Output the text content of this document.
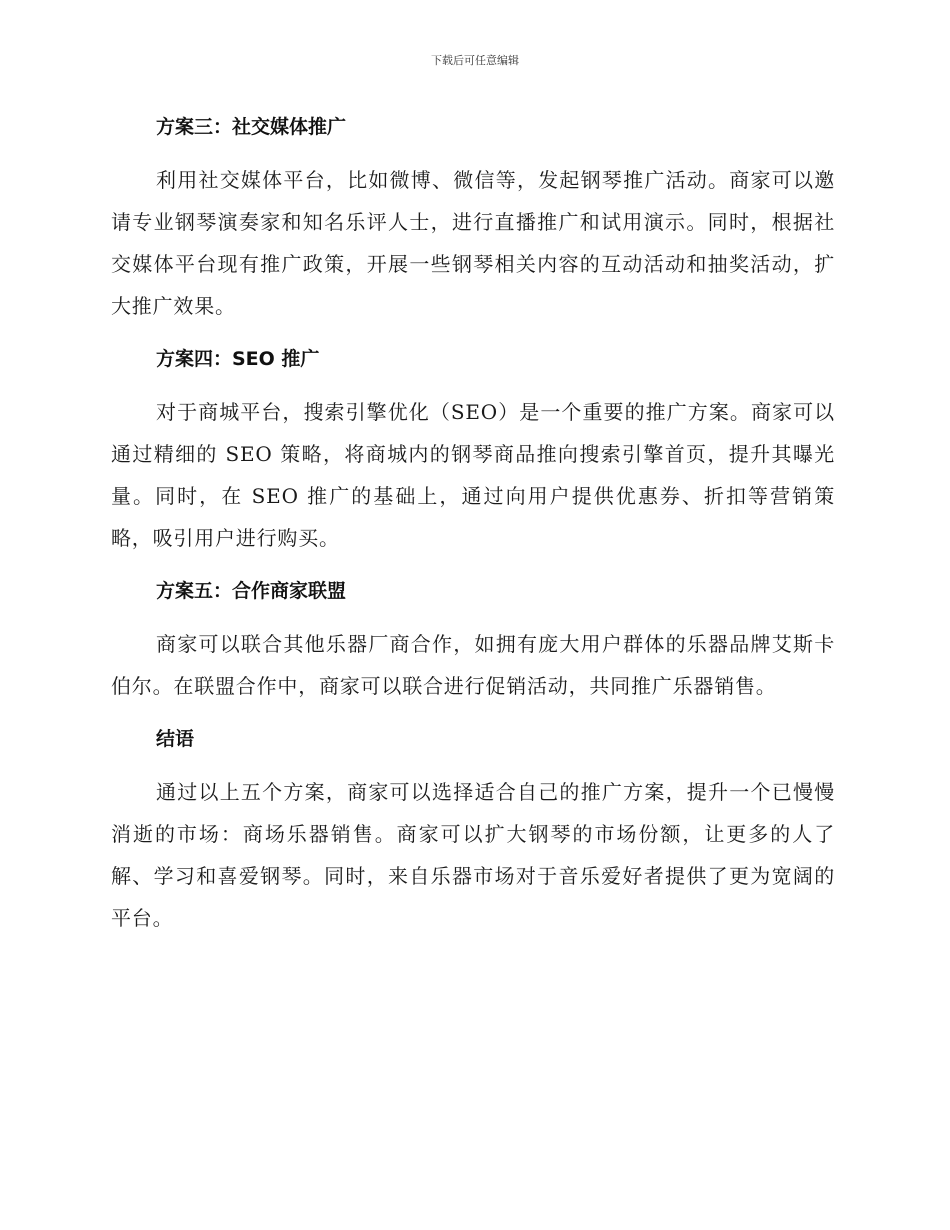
下载后可任意编辑
方案三：社交媒体推广

利用社交媒体平台，比如微博、微信等，发起钢琴推广活动。商家可以邀请专业钢琴演奏家和知名乐评人士，进行直播推广和试用演示。同时，根据社交媒体平台现有推广政策，开展一些钢琴相关内容的互动活动和抽奖活动，扩大推广效果。

方案四：SEO 推广

对于商城平台，搜索引擎优化（SEO）是一个重要的推广方案。商家可以通过精细的 SEO 策略，将商城内的钢琴商品推向搜索引擎首页，提升其曝光量。同时，在 SEO 推广的基础上，通过向用户提供优惠券、折扣等营销策略，吸引用户进行购买。

方案五：合作商家联盟

商家可以联合其他乐器厂商合作，如拥有庞大用户群体的乐器品牌艾斯卡伯尔。在联盟合作中，商家可以联合进行促销活动，共同推广乐器销售。

结语

通过以上五个方案，商家可以选择适合自己的推广方案，提升一个已慢慢消逝的市场：商场乐器销售。商家可以扩大钢琴的市场份额，让更多的人了解、学习和喜爱钢琴。同时，来自乐器市场对于音乐爱好者提供了更为宽阔的平台。
